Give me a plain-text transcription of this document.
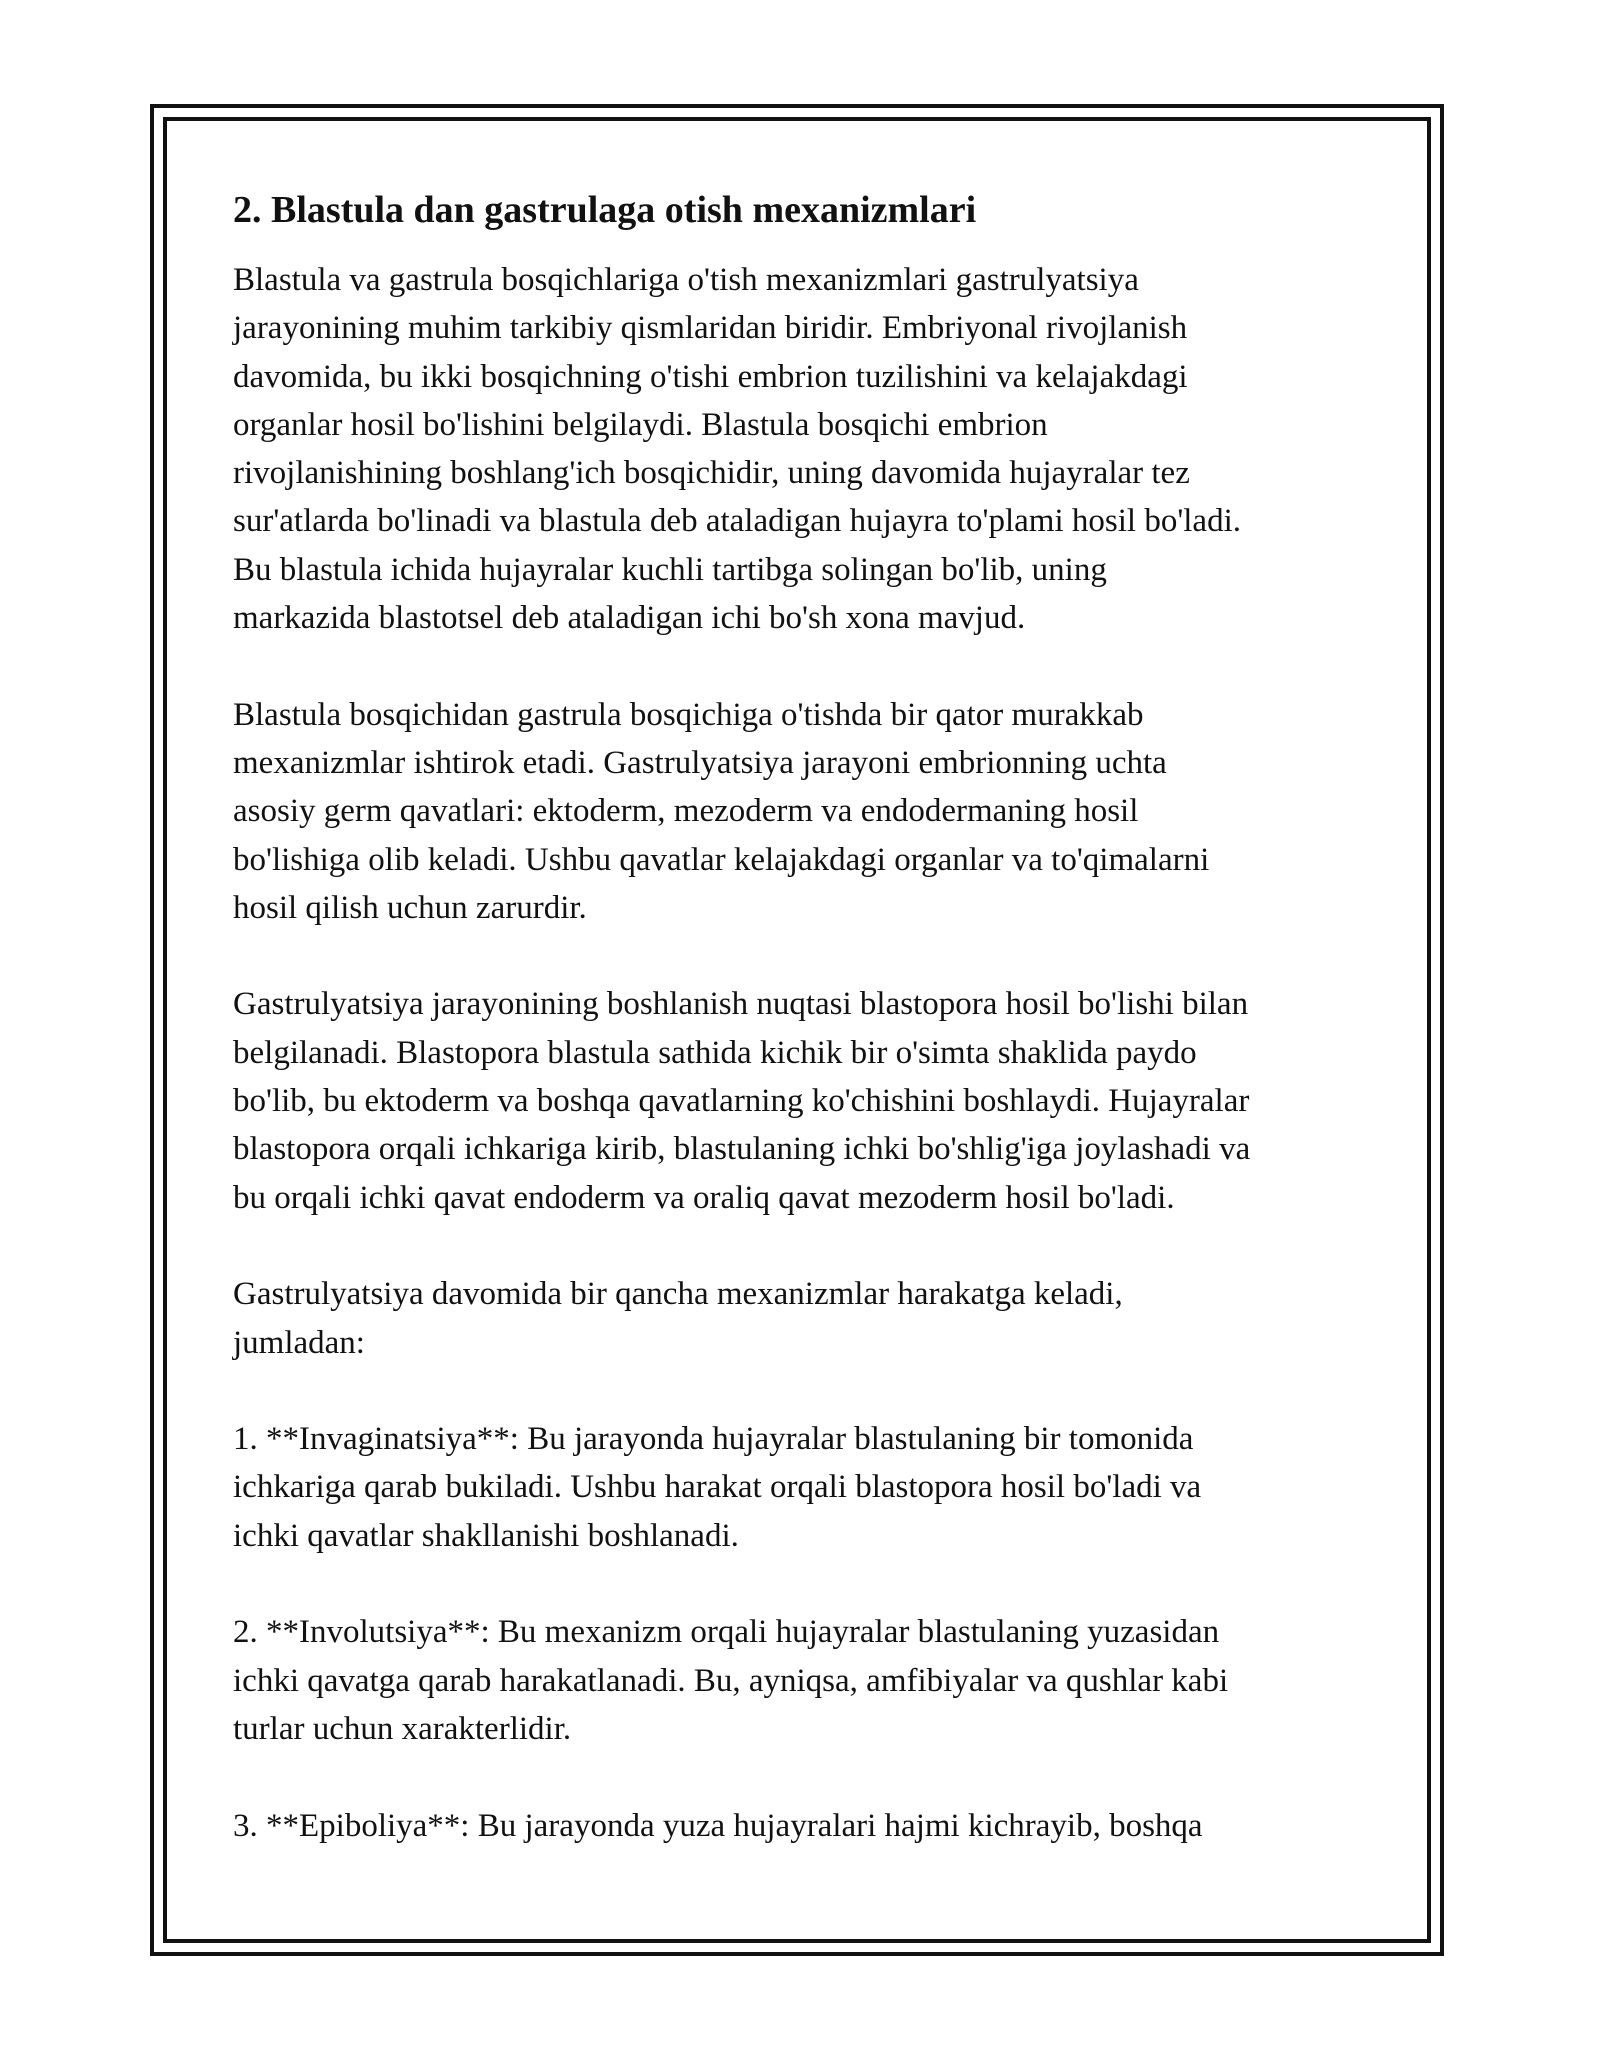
2. Blastula dan gastrulaga otish mexanizmlari

Blastula va gastrula bosqichlariga o'tish mexanizmlari gastrulyatsiya
jarayonining muhim tarkibiy qismlaridan biridir. Embriyonal rivojlanish
davomida, bu ikki bosqichning o'tishi embrion tuzilishini va kelajakdagi
organlar hosil bo'lishini belgilaydi. Blastula bosqichi embrion
rivojlanishining boshlang'ich bosqichidir, uning davomida hujayralar tez
sur'atlarda bo'linadi va blastula deb ataladigan hujayra to'plami hosil bo'ladi.
Bu blastula ichida hujayralar kuchli tartibga solingan bo'lib, uning
markazida blastotsel deb ataladigan ichi bo'sh xona mavjud.

Blastula bosqichidan gastrula bosqichiga o'tishda bir qator murakkab
mexanizmlar ishtirok etadi. Gastrulyatsiya jarayoni embrionning uchta
asosiy germ qavatlari: ektoderm, mezoderm va endodermaning hosil
bo'lishiga olib keladi. Ushbu qavatlar kelajakdagi organlar va to'qimalarni
hosil qilish uchun zarurdir.

Gastrulyatsiya jarayonining boshlanish nuqtasi blastopora hosil bo'lishi bilan
belgilanadi. Blastopora blastula sathida kichik bir o'simta shaklida paydo
bo'lib, bu ektoderm va boshqa qavatlarning ko'chishini boshlaydi. Hujayralar
blastopora orqali ichkariga kirib, blastulaning ichki bo'shlig'iga joylashadi va
bu orqali ichki qavat endoderm va oraliq qavat mezoderm hosil bo'ladi.

Gastrulyatsiya davomida bir qancha mexanizmlar harakatga keladi,
jumladan:

1. **Invaginatsiya**: Bu jarayonda hujayralar blastulaning bir tomonida
ichkariga qarab bukiladi. Ushbu harakat orqali blastopora hosil bo'ladi va
ichki qavatlar shakllanishi boshlanadi.

2. **Involutsiya**: Bu mexanizm orqali hujayralar blastulaning yuzasidan
ichki qavatga qarab harakatlanadi. Bu, ayniqsa, amfibiyalar va qushlar kabi
turlar uchun xarakterlidir.

3. **Epiboliya**: Bu jarayonda yuza hujayralari hajmi kichrayib, boshqa
